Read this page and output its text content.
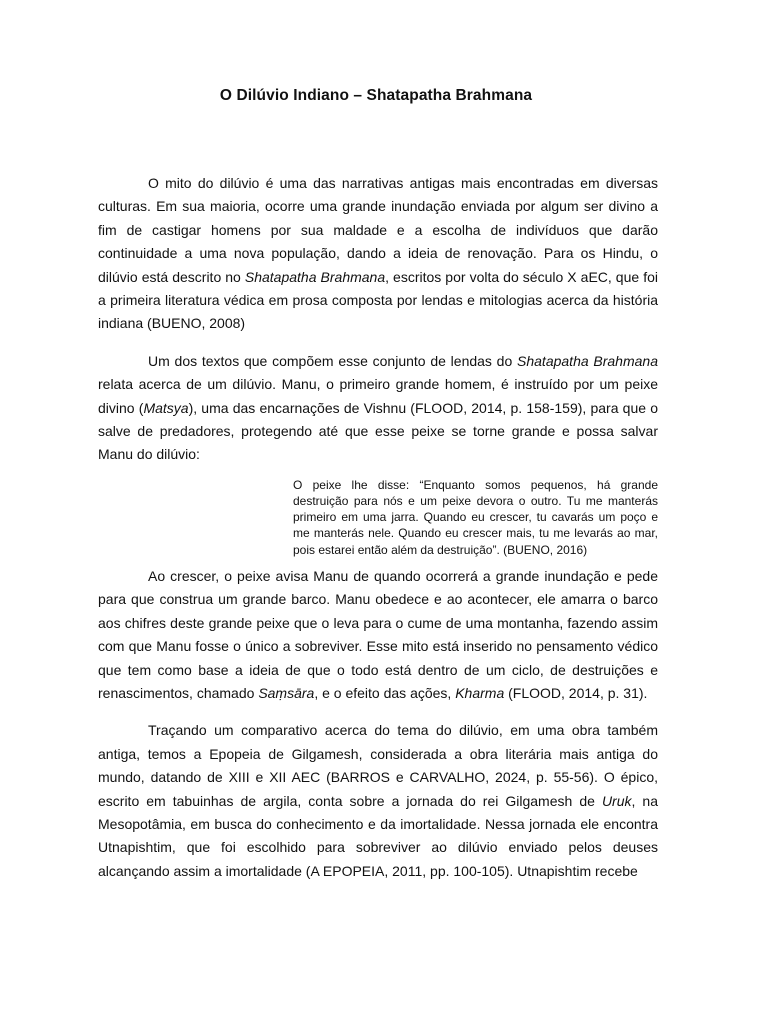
O Dilúvio Indiano – Shatapatha Brahmana

O mito do dilúvio é uma das narrativas antigas mais encontradas em diversas culturas. Em sua maioria, ocorre uma grande inundação enviada por algum ser divino a fim de castigar homens por sua maldade e a escolha de indivíduos que darão continuidade a uma nova população, dando a ideia de renovação. Para os Hindu, o dilúvio está descrito no Shatapatha Brahmana, escritos por volta do século X aEC, que foi a primeira literatura védica em prosa composta por lendas e mitologias acerca da história indiana (BUENO, 2008)

Um dos textos que compõem esse conjunto de lendas do Shatapatha Brahmana relata acerca de um dilúvio. Manu, o primeiro grande homem, é instruído por um peixe divino (Matsya), uma das encarnações de Vishnu (FLOOD, 2014, p. 158-159), para que o salve de predadores, protegendo até que esse peixe se torne grande e possa salvar Manu do dilúvio:

O peixe lhe disse: “Enquanto somos pequenos, há grande destruição para nós e um peixe devora o outro. Tu me manterás primeiro em uma jarra. Quando eu crescer, tu cavarás um poço e me manterás nele. Quando eu crescer mais, tu me levarás ao mar, pois estarei então além da destruição”. (BUENO, 2016)

Ao crescer, o peixe avisa Manu de quando ocorrerá a grande inundação e pede para que construa um grande barco. Manu obedece e ao acontecer, ele amarra o barco aos chifres deste grande peixe que o leva para o cume de uma montanha, fazendo assim com que Manu fosse o único a sobreviver. Esse mito está inserido no pensamento védico que tem como base a ideia de que o todo está dentro de um ciclo, de destruições e renascimentos, chamado Saṃsāra, e o efeito das ações, Kharma (FLOOD, 2014, p. 31).

Traçando um comparativo acerca do tema do dilúvio, em uma obra também antiga, temos a Epopeia de Gilgamesh, considerada a obra literária mais antiga do mundo, datando de XIII e XII AEC (BARROS e CARVALHO, 2024, p. 55-56). O épico, escrito em tabuinhas de argila, conta sobre a jornada do rei Gilgamesh de Uruk, na Mesopotâmia, em busca do conhecimento e da imortalidade. Nessa jornada ele encontra Utnapishtim, que foi escolhido para sobreviver ao dilúvio enviado pelos deuses alcançando assim a imortalidade (A EPOPEIA, 2011, pp. 100-105). Utnapishtim recebe
